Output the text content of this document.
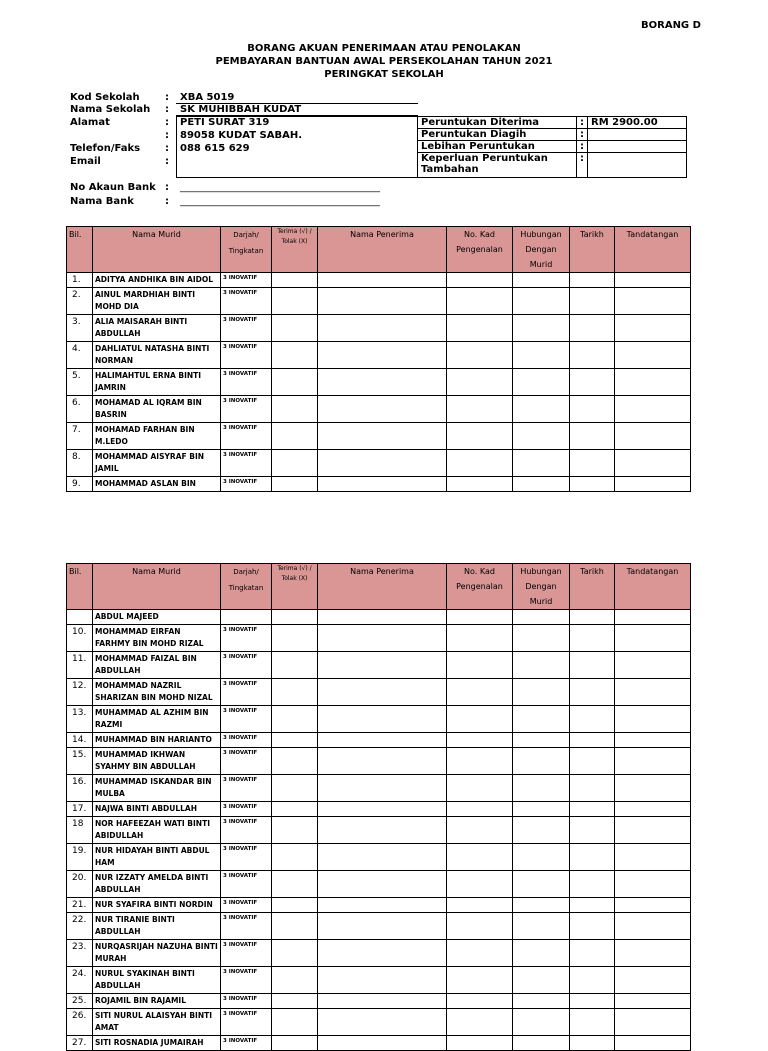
BORANG D
BORANG AKUAN PENERIMAAN ATAU PENOLAKAN
PEMBAYARAN BANTUAN AWAL PERSEKOLAHAN TAHUN 2021
PERINGKAT SEKOLAH
Kod Sekolah	: XBA 5019
Nama Sekolah	: SK MUHIBBAH KUDAT
Alamat	: PETI SURAT 319
: 89058 KUDAT SABAH.
Telefon/Faks	: 088 615 629
Email	:
	Peruntukan Diterima	:	RM 2900.00
	Peruntukan Diagih	:	
	Lebihan Peruntukan	:	
	Keperluan Peruntukan Tambahan	:	
No Akaun Bank : ________________________________________
Nama Bank	: ________________________________________
Bil.	Nama Murid	Darjah/ Tingkatan	Terima (√) / Tolak (X)	Nama Penerima	No. Kad Pengenalan	Hubungan Dengan Murid	Tarikh	Tandatangan
1.	ADITYA ANDHIKA BIN AIDOL	3 INOVATIF						
2.	AINUL MARDHIAH BINTI MOHD DIA	3 INOVATIF						
3.	ALIA MAISARAH BINTI ABDULLAH	3 INOVATIF						
4.	DAHLIATUL NATASHA BINTI NORMAN	3 INOVATIF						
5.	HALIMAHTUL ERNA BINTI JAMRIN	3 INOVATIF						
6.	MOHAMAD AL IQRAM BIN BASRIN	3 INOVATIF						
7.	MOHAMAD FARHAN BIN M.LEDO	3 INOVATIF						
8.	MOHAMMAD AISYRAF BIN JAMIL	3 INOVATIF						
9.	MOHAMMAD ASLAN BIN	3 INOVATIF						
Bil.	Nama Murid	Darjah/ Tingkatan	Terima (√) / Tolak (X)	Nama Penerima	No. Kad Pengenalan	Hubungan Dengan Murid	Tarikh	Tandatangan
	ABDUL MAJEED							
10.	MOHAMMAD EIRFAN FARHMY BIN MOHD RIZAL	3 INOVATIF						
11.	MOHAMMAD FAIZAL BIN ABDULLAH	3 INOVATIF						
12.	MOHAMMAD NAZRIL SHARIZAN BIN MOHD NIZAL	3 INOVATIF						
13.	MUHAMMAD AL AZHIM BIN RAZMI	3 INOVATIF						
14.	MUHAMMAD BIN HARIANTO	3 INOVATIF						
15.	MUHAMMAD IKHWAN SYAHMY BIN ABDULLAH	3 INOVATIF						
16.	MUHAMMAD ISKANDAR BIN MULBA	3 INOVATIF						
17.	NAJWA BINTI ABDULLAH	3 INOVATIF						
18	NOR HAFEEZAH WATI BINTI ABIDULLAH	3 INOVATIF						
19.	NUR HIDAYAH BINTI ABDUL HAM	3 INOVATIF						
20.	NUR IZZATY AMELDA BINTI ABDULLAH	3 INOVATIF						
21.	NUR SYAFIRA BINTI NORDIN	3 INOVATIF						
22.	NUR TIRANIE BINTI ABDULLAH	3 INOVATIF						
23.	NURQASRIJAH NAZUHA BINTI MURAH	3 INOVATIF						
24.	NURUL SYAKINAH BINTI ABDULLAH	3 INOVATIF						
25.	ROJAMIL BIN RAJAMIL	3 INOVATIF						
26.	SITI NURUL ALAISYAH BINTI AMAT	3 INOVATIF						
27.	SITI ROSNADIA JUMAIRAH	3 INOVATIF						
